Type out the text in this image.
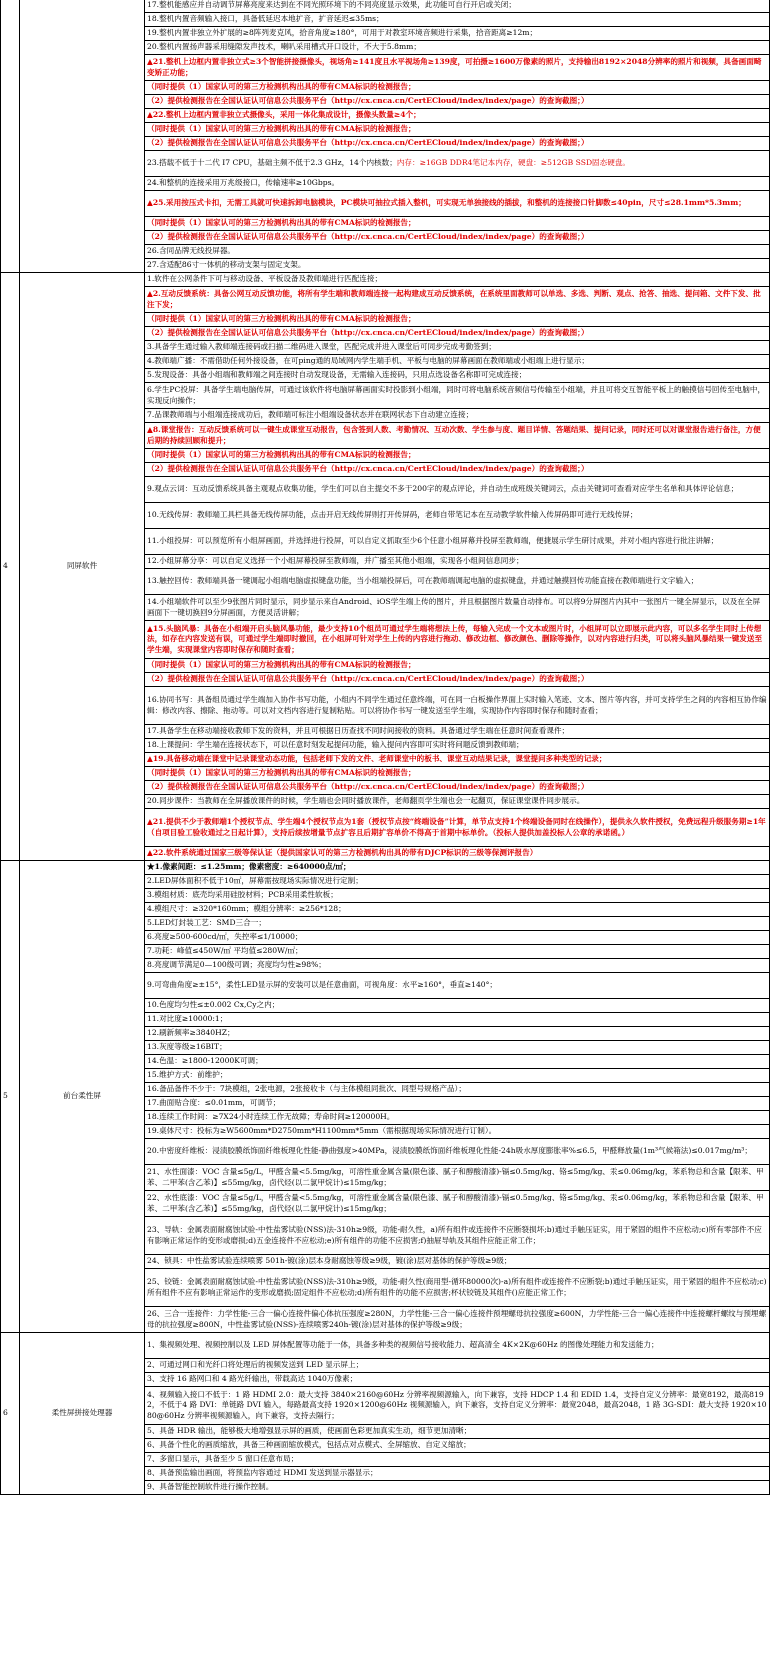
		17.整机能感应并自动调节屏幕亮度来达到在不同光照环境下的不同亮度显示效果，此功能可自行开启或关闭；
		18.整机内置音频输入接口，具备低延迟本地扩音，扩音延迟≤35ms；
		19.整机内置非独立外扩展的≥8阵列麦克风，拾音角度≥180°，可用于对教室环境音频进行采集，拾音距离≥12m；
		20.整机内置扬声器采用缝隙发声技术，喇叭采用槽式开口设计，不大于5.8mm；
		▲21.整机上边框内置非独立式≥3个智能拼接摄像头，视场角≥141度且水平视场角≥139度，可拍摄≥1600万像素的照片，支持输出8192×2048分辨率的照片和视频，具备画面畸变矫正功能；
		（同时提供（1）国家认可的第三方检测机构出具的带有CMA标识的检测报告；
		（2）提供检测报告在全国认证认可信息公共服务平台（http://cx.cnca.cn/CertECloud/index/index/page）的查询截图；）
		▲22.整机上边框内置非独立式摄像头，采用一体化集成设计，摄像头数量≥4个；
		（同时提供（1）国家认可的第三方检测机构出具的带有CMA标识的检测报告；
		（2）提供检测报告在全国认证认可信息公共服务平台（http://cx.cnca.cn/CertECloud/index/index/page）的查询截图；）
		23.搭载不低于十二代 I7 CPU，基础主频不低于2.3 GHz，14个内核数；内存：≥16GB DDR4笔记本内存，硬盘：≥512GB SSD固态硬盘。
		24.和整机的连接采用万兆级接口，传输速率≥10Gbps。
		▲25.采用按压式卡扣，无需工具就可快速拆卸电脑模块，PC模块可抽拉式插入整机，可实现无单独接线的插拔，和整机的连接接口针脚数≤40pin，尺寸≤28.1mm*5.3mm；
		（同时提供（1）国家认可的第三方检测机构出具的带有CMA标识的检测报告；
		（2）提供检测报告在全国认证认可信息公共服务平台（http://cx.cnca.cn/CertECloud/index/index/page）的查询截图；）
		26.含同品牌无线投屏器。
		27.含适配86寸一体机的移动支架与固定支架。
4	同屏软件	1.软件在公网条件下可与移动设备、平板设备及教师端进行匹配连接；
		▲2.互动反馈系统：具备公网互动反馈功能，将所有学生端和教师端连接一起构建成互动反馈系统，在系统里面教师可以单选、多选、判断、观点、抢答、抽选、提问箱、文件下发、批注下发；
		（同时提供（1）国家认可的第三方检测机构出具的带有CMA标识的检测报告；
		（2）提供检测报告在全国认证认可信息公共服务平台（http://cx.cnca.cn/CertECloud/index/index/page）的查询截图；）
		3.具备学生通过输入教师端连接码或扫描二维码进入课堂，匹配完成并进入课堂后可同步完成考勤签到；
		4.教师端广播：不需借助任何外接设备，在可ping通的局域网内学生端手机、平板与电脑的屏幕画面在教师端或小组端上进行显示；
		5.发现设备：具备小组端和教师端之间连接时自动发现设备，无需输入连接码，只用点选设备名称即可完成连接；
		6.学生PC投屏：具备学生端电脑传屏，可通过该软件将电脑屏幕画面实时投影到小组端，同时可将电脑系统音频信号传输至小组端，并且可将交互智能平板上的触摸信号回传至电脑中，实现反向操作；
		7.品课教师端与小组端连接成功后，教师端可标注小组端设备状态并在联网状态下自动建立连接；
		▲8.课堂报告：互动反馈系统可以一键生成课堂互动报告，包含签到人数、考勤情况、互动次数、学生参与度、题目详情、答题结果、提问记录，同时还可以对课堂报告进行备注，方便后期的持续回顾和提升；
		（同时提供（1）国家认可的第三方检测机构出具的带有CMA标识的检测报告；
		（2）提供检测报告在全国认证认可信息公共服务平台（http://cx.cnca.cn/CertECloud/index/index/page）的查询截图；）
		9.观点云词：互动反馈系统具备主观观点收集功能，学生们可以自主提交不多于200字的观点评论，并自动生成班级关键词云，点击关键词可查看对应学生名单和具体评论信息；
		10.无线传屏：教师端工具栏具备无线传屏功能，点击开启无线传屏则打开传屏码，老师自带笔记本在互动教学软件输入传屏码即可进行无线传屏；
		11.小组投屏：可以预览所有小组屏画面，并选择进行投屏，可以自定义抓取至少6个任意小组屏幕并投屏至教师端，便捷展示学生研讨成果，并对小组内容进行批注讲解；
		12.小组屏幕分享：可以自定义选择一个小组屏幕投屏至教师端，并广播至其他小组端，实现各小组间信息同步；
		13.触控回传：教师端具备一键调起小组端电脑虚拟键盘功能，当小组端投屏后，可在教师端调起电脑的虚拟键盘，并通过触摸回传功能直接在教师端进行文字输入；
		14.小组端软件可以至少9张图片同时显示，同步显示来自Android、iOS学生端上传的图片，并且根据图片数量自动排布。可以将9分屏图片内其中一张图片一键全屏显示，以及在全屏画面下一键切换回9分屏画面，方便灵活讲解；
		▲15.头脑风暴：具备在小组端开启头脑风暴功能，最少支持10个组员可通过学生端将想法上传，每输入完成一个文本或图片时，小组屏可以立即展示此内容，可以多名学生同时上传想法，如存在内容发送有误，可通过学生端即时撤回，在小组屏可针对学生上传的内容进行拖动、修改边框、修改颜色、删除等操作，以对内容进行归类，可以将头脑风暴结果一键发送至学生端，实现课堂内容即时保存和随时查看；
		（同时提供（1）国家认可的第三方检测机构出具的带有CMA标识的检测报告；
		（2）提供检测报告在全国认证认可信息公共服务平台（http://cx.cnca.cn/CertECloud/index/index/page）的查询截图；）
		16.协同书写：具备组员通过学生端加入协作书写功能，小组内不同学生通过任意终端，可在同一白板操作界面上实时输入笔迹、文本、图片等内容，并可支持学生之间的内容相互协作编辑：修改内容、擦除、拖动等。可以对文档内容进行复制粘贴。可以将协作书写一键发送至学生端，实现协作内容即时保存和随时查看；
		17.具备学生在移动端接收教师下发的资料，并且可根据日历查找不同时间接收的资料。具备通过学生端在任意时间查看课件；
		18.上课提问：学生端在连接状态下，可以任意时刻发起提问功能，输入提问内容即可实时将问题反馈到教师端；
		▲19.具备移动端在课堂中记录课堂动态功能，包括老师下发的文件、老师课堂中的板书、课堂互动结果记录，课堂提问多种类型的记录；
		（同时提供（1）国家认可的第三方检测机构出具的带有CMA标识的检测报告；
		（2）提供检测报告在全国认证认可信息公共服务平台（http://cx.cnca.cn/CertECloud/index/index/page）的查询截图；）
		20.同步课件：当教师在全屏播放课件的时候，学生端也会同时播放课件，老师翻页学生端也会一起翻页，保证课堂课件同步展示。
		▲21.提供不少于教师端1个授权节点、学生端4个授权节点为1套（授权节点按“终端设备”计算，单节点支持1个终端设备同时在线操作），提供永久软件授权，免费远程升级服务期≥1年（自项目验工验收通过之日起计算），支持后续按增量节点扩容且后期扩容单价不得高于首期中标单价。（投标人提供加盖投标人公章的承诺函。）
		▲22.软件系统通过国家三级等保认证（提供国家认可的第三方检测机构出具的带有DJCP标识的三级等保测评报告）
5	前台柔性屏	★1.像素间距：≤1.25mm；像素密度：≥640000点/㎡；
		2.LED屏体面积不低于10㎡，屏幕需按现场实际情况进行定制；
		3.模组材质：底壳均采用硅胶材料；PCB采用柔性软板；
		4.模组尺寸：≥320*160mm；模组分辨率：≥256*128；
		5.LED灯封装工艺：SMD三合一；
		6.亮度≥500-600cd/㎡，失控率≤1/10000；
		7.功耗：峰值≤450W/㎡ 平均值≤280W/㎡；
		8.亮度调节满足0—100级可调；亮度均匀性≥98%；
		9.可弯曲角度≥±15°，柔性LED显示屏的安装可以是任意曲面，可视角度：水平≥160°，垂直≥140°；
		10.色度均匀性≤±0.002 Cx,Cy之内；
		11.对比度≥10000:1；
		12.刷新频率≥3840HZ；
		13.灰度等级≥16BIT；
		14.色温：≥1800-12000K可调；
		15.维护方式：前维护；
		16.备品备件不少于：7块模组，2张电源，2张接收卡（与主体模组同批次、同型号规格产品）；
		17.曲面贴合度：≤0.01mm，可调节；
		18.连续工作时间：≥7X24小时连续工作无故障；寿命时间≥120000H。
		19.桌体尺寸：投标为≥W5600mm*D2750mm*H1100mm*5mm（需根据现场实际情况进行订制）。
		20.中密度纤维板：浸渍胶膜纸饰面纤维板理化性能-静曲强度>40MPa，浸渍胶膜纸饰面纤维板理化性能-24h吸水厚度膨胀率%≤6.5，甲醛释放量(1m³气候箱法)≤0.017mg/m³；
		21、水性面漆：VOC 含量≤5g/L，甲醛含量<5.5mg/kg，可溶性重金属含量(限色漆、腻子和醇酸清漆)-镉≤0.5mg/kg、铬≤5mg/kg、汞≤0.06mg/kg，苯系物总和含量【限苯、甲苯、二甲苯(含乙苯)】≤55mg/kg，卤代烃(以二氯甲烷计)≤15mg/kg；
		22、水性底漆：VOC 含量≤5g/L，甲醛含量<5.5mg/kg，可溶性重金属含量(限色漆、腻子和醇酸清漆)-镉≤0.5mg/kg、铬≤5mg/kg、汞≤0.06mg/kg，苯系物总和含量【限苯、甲苯、二甲苯(含乙苯)】≤55mg/kg，卤代烃(以二氯甲烷计)≤15mg/kg；
		23、导轨：金属表面耐腐蚀试验-中性盐雾试验(NSS)法-310h≥9级，功能-耐久性，a)所有组件或连接件不应断裂损坏;b)通过手触压证实，用于紧固的组件不应松动;c)所有零部件不应有影响正常运作的变形或磨损;d)五金连接件不应松动;e)所有组件的功能不应损害;f)抽屉导轨及其组件应能正常工作；
		24、锁具：中性盐雾试验连续喷雾 501h-镀(涂)层本身耐腐蚀等级≥9级，镀(涂)层对基体的保护等级≥9级；
		25、铰链：金属表面耐腐蚀试验-中性盐雾试验(NSS)法-310h≥9级，功能-耐久性(商用型-循环80000次)-a)所有组件或连接件不应断裂;b)通过手触压证实，用于紧固的组件不应松动;c)所有组件不应有影响正常运作的变形或磨损;固定组件不应松动;d)所有组件的功能不应损害;杯状铰链及其组件()应能正常工作；
		26、三合一连接件：力学性能-三合一偏心连接件偏心体抗压强度≥280N，力学性能-三合一偏心连接件预埋螺母抗拉强度≥600N，力学性能-三合一偏心连接件中连接螺杆螺纹与预埋螺母的抗拉强度≥800N，中性盐雾试验(NSS)-连续喷雾240h-镀(涂)层对基体的保护等级≥9级；
6	柔性屏拼接处理器	1、集视频处理、视频控制以及 LED 屏体配置等功能于一体，具备多种类的视频信号接收能力、超高清全 4K×2K@60Hz 的图像处理能力和发送能力；
		2、可通过网口和光纤口将处理后的视频发送到 LED 显示屏上；
		3、支持 16 路网口和 4 路光纤输出，带载高达 1040万像素；
		4、视频输入接口不低于：1 路 HDMI 2.0：最大支持 3840×2160@60Hz 分辨率视频源输入，向下兼容，支持 HDCP 1.4 和 EDID 1.4，支持自定义分辨率：最宽8192，最高8192，不低于4 路 DVI：单链路 DVI 输入，每路最高支持 1920×1200@60Hz 视频源输入，向下兼容，支持自定义分辨率：最宽2048，最高2048，1 路 3G-SDI：最大支持 1920×1080@60Hz 分辨率视频源输入，向下兼容，支持去隔行；
		5、具备 HDR 输出，能够极大地增强显示屏的画质，使画面色彩更加真实生动，细节更加清晰；
		6、具备个性化的画质缩放，具备三种画面缩放模式，包括点对点模式、全屏缩放、自定义缩放；
		7、多窗口显示，具备至少 5 窗口任意布局；
		8、具备预监输出画面，将预监内容通过 HDMI 发送到显示器显示；
		9、具备智能控制软件进行操作控制。
